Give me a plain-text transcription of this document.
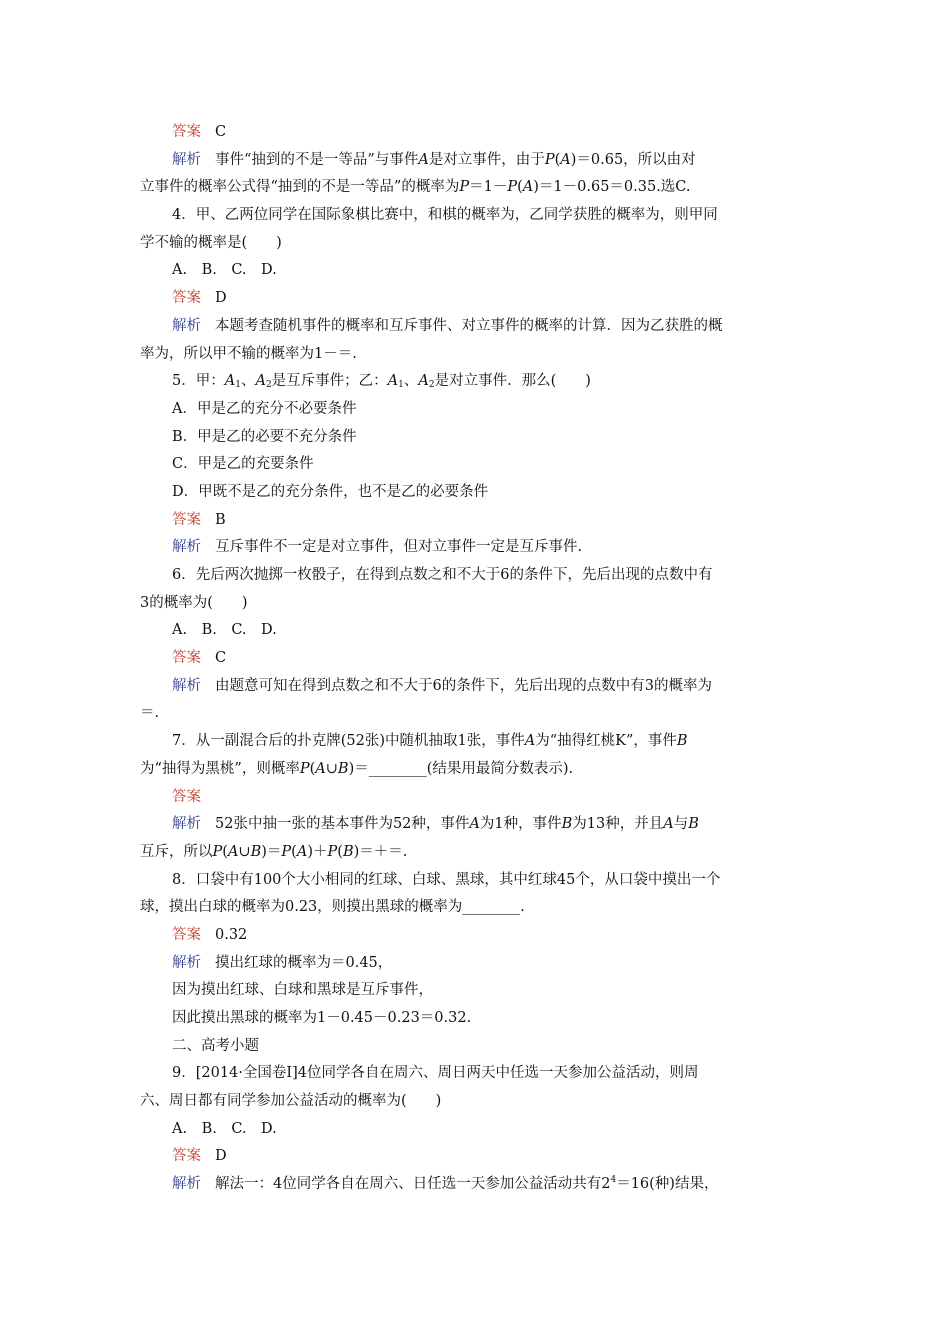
答案 C
解析 事件“抽到的不是一等品”与事件A是对立事件，由于P(A)＝0.65，所以由对
立事件的概率公式得“抽到的不是一等品”的概率为P＝1－P(A)＝1－0.65＝0.35.选C.
4．甲、乙两位同学在国际象棋比赛中，和棋的概率为，乙同学获胜的概率为，则甲同
学不输的概率是(　　)
A.　B.　C.　D.
答案 D
解析 本题考查随机事件的概率和互斥事件、对立事件的概率的计算．因为乙获胜的概
率为，所以甲不输的概率为1－＝.
5．甲：$A_1$、$A_2$是互斥事件；乙：$A_1$、$A_2$是对立事件．那么(　　)
A．甲是乙的充分不必要条件
B．甲是乙的必要不充分条件
C．甲是乙的充要条件
D．甲既不是乙的充分条件，也不是乙的必要条件
答案 B
解析 互斥事件不一定是对立事件，但对立事件一定是互斥事件.
6．先后两次抛掷一枚骰子，在得到点数之和不大于6的条件下，先后出现的点数中有
3的概率为(　　)
A.　B.　C.　D.
答案 C
解析 由题意可知在得到点数之和不大于6的条件下，先后出现的点数中有3的概率为
＝.
7．从一副混合后的扑克牌(52张)中随机抽取1张，事件A为“抽得红桃K”，事件B
为“抽得为黑桃”，则概率P(A∪B)＝________(结果用最简分数表示).
答案
解析 52张中抽一张的基本事件为52种，事件A为1种，事件B为13种，并且A与B
互斥，所以P(A∪B)＝P(A)＋P(B)＝＋＝.
8．口袋中有100个大小相同的红球、白球、黑球，其中红球45个，从口袋中摸出一个
球，摸出白球的概率为0.23，则摸出黑球的概率为________.
答案 0.32
解析 摸出红球的概率为＝0.45，
因为摸出红球、白球和黑球是互斥事件，
因此摸出黑球的概率为1－0.45－0.23＝0.32.
二、高考小题
9．[2014·全国卷Ⅰ]4位同学各自在周六、周日两天中任选一天参加公益活动，则周
六、周日都有同学参加公益活动的概率为(　　)
A.　B.　C.　D.
答案 D
解析 解法一：4位同学各自在周六、日任选一天参加公益活动共有$2^4=16$(种)结果，
